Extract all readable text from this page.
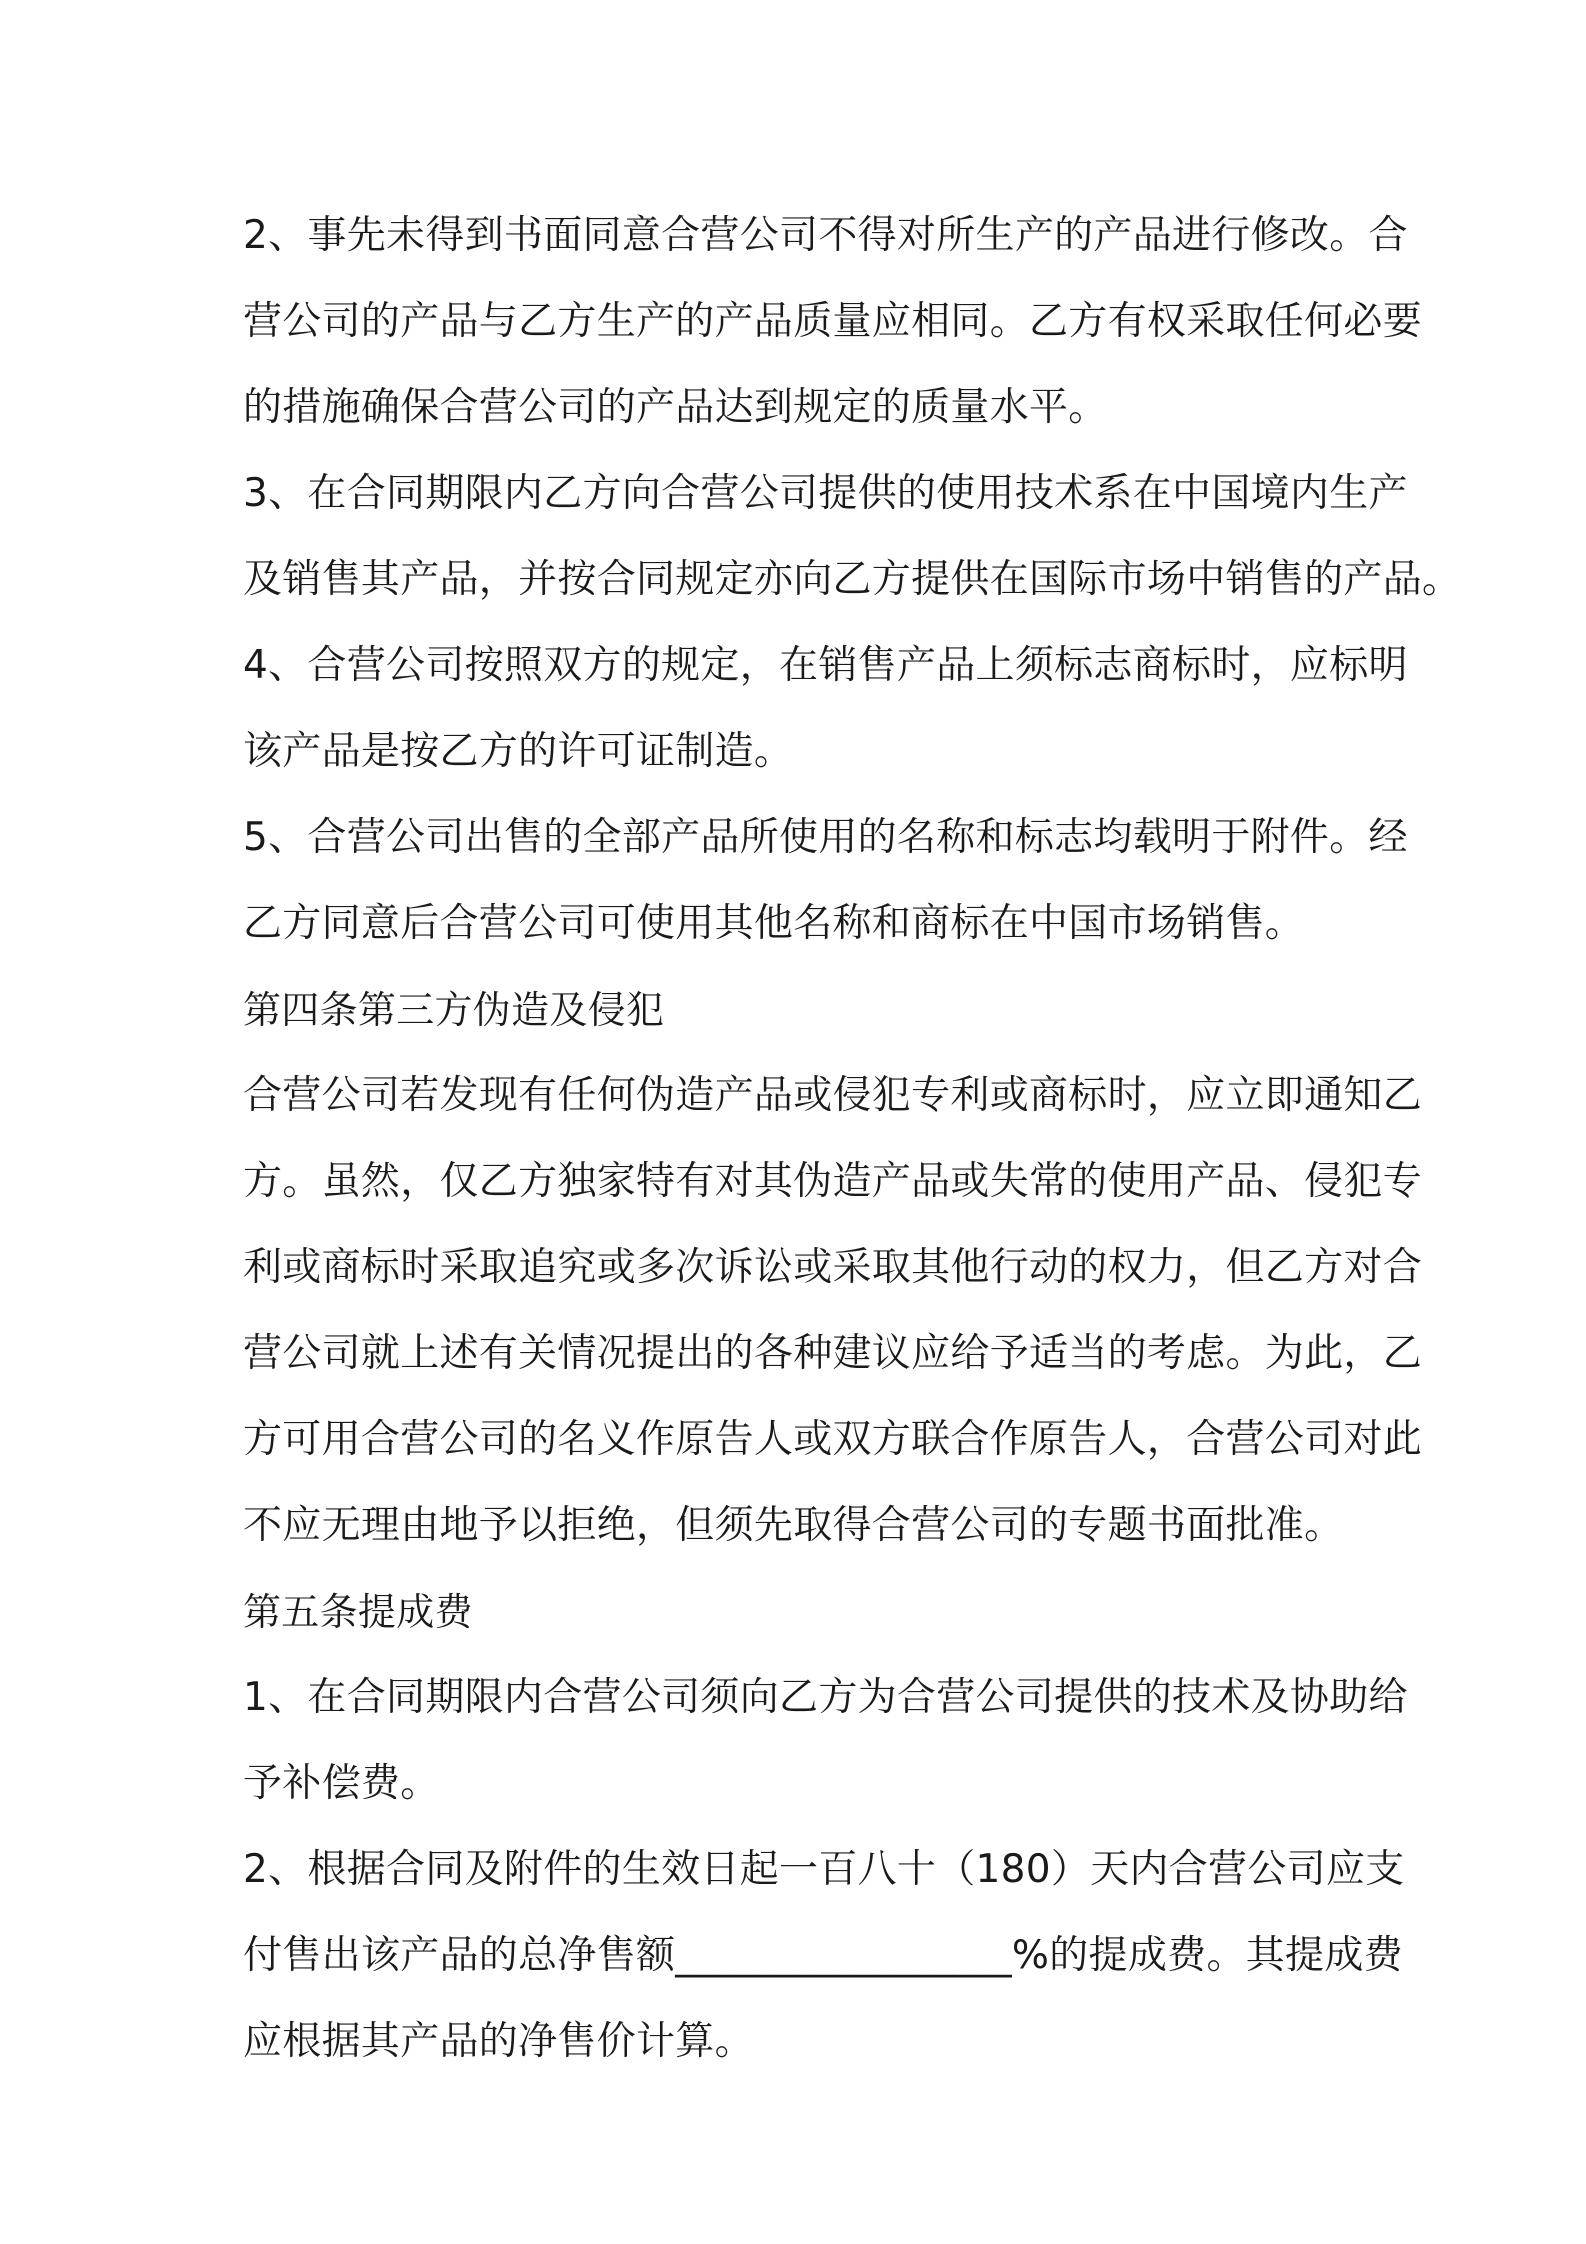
2、事先未得到书面同意合营公司不得对所生产的产品进行修改。合
营公司的产品与乙方生产的产品质量应相同。乙方有权采取任何必要
的措施确保合营公司的产品达到规定的质量水平。
3、在合同期限内乙方向合营公司提供的使用技术系在中国境内生产
及销售其产品，并按合同规定亦向乙方提供在国际市场中销售的产品。
4、合营公司按照双方的规定，在销售产品上须标志商标时，应标明
该产品是按乙方的许可证制造。
5、合营公司出售的全部产品所使用的名称和标志均载明于附件。经
乙方同意后合营公司可使用其他名称和商标在中国市场销售。
第四条第三方伪造及侵犯
合营公司若发现有任何伪造产品或侵犯专利或商标时，应立即通知乙
方。虽然，仅乙方独家特有对其伪造产品或失常的使用产品、侵犯专
利或商标时采取追究或多次诉讼或采取其他行动的权力，但乙方对合
营公司就上述有关情况提出的各种建议应给予适当的考虑。为此，乙
方可用合营公司的名义作原告人或双方联合作原告人，合营公司对此
不应无理由地予以拒绝，但须先取得合营公司的专题书面批准。
第五条提成费
1、在合同期限内合营公司须向乙方为合营公司提供的技术及协助给
予补偿费。
2、根据合同及附件的生效日起一百八十（180）天内合营公司应支
付售出该产品的总净售额_________________%的提成费。其提成费
应根据其产品的净售价计算。
